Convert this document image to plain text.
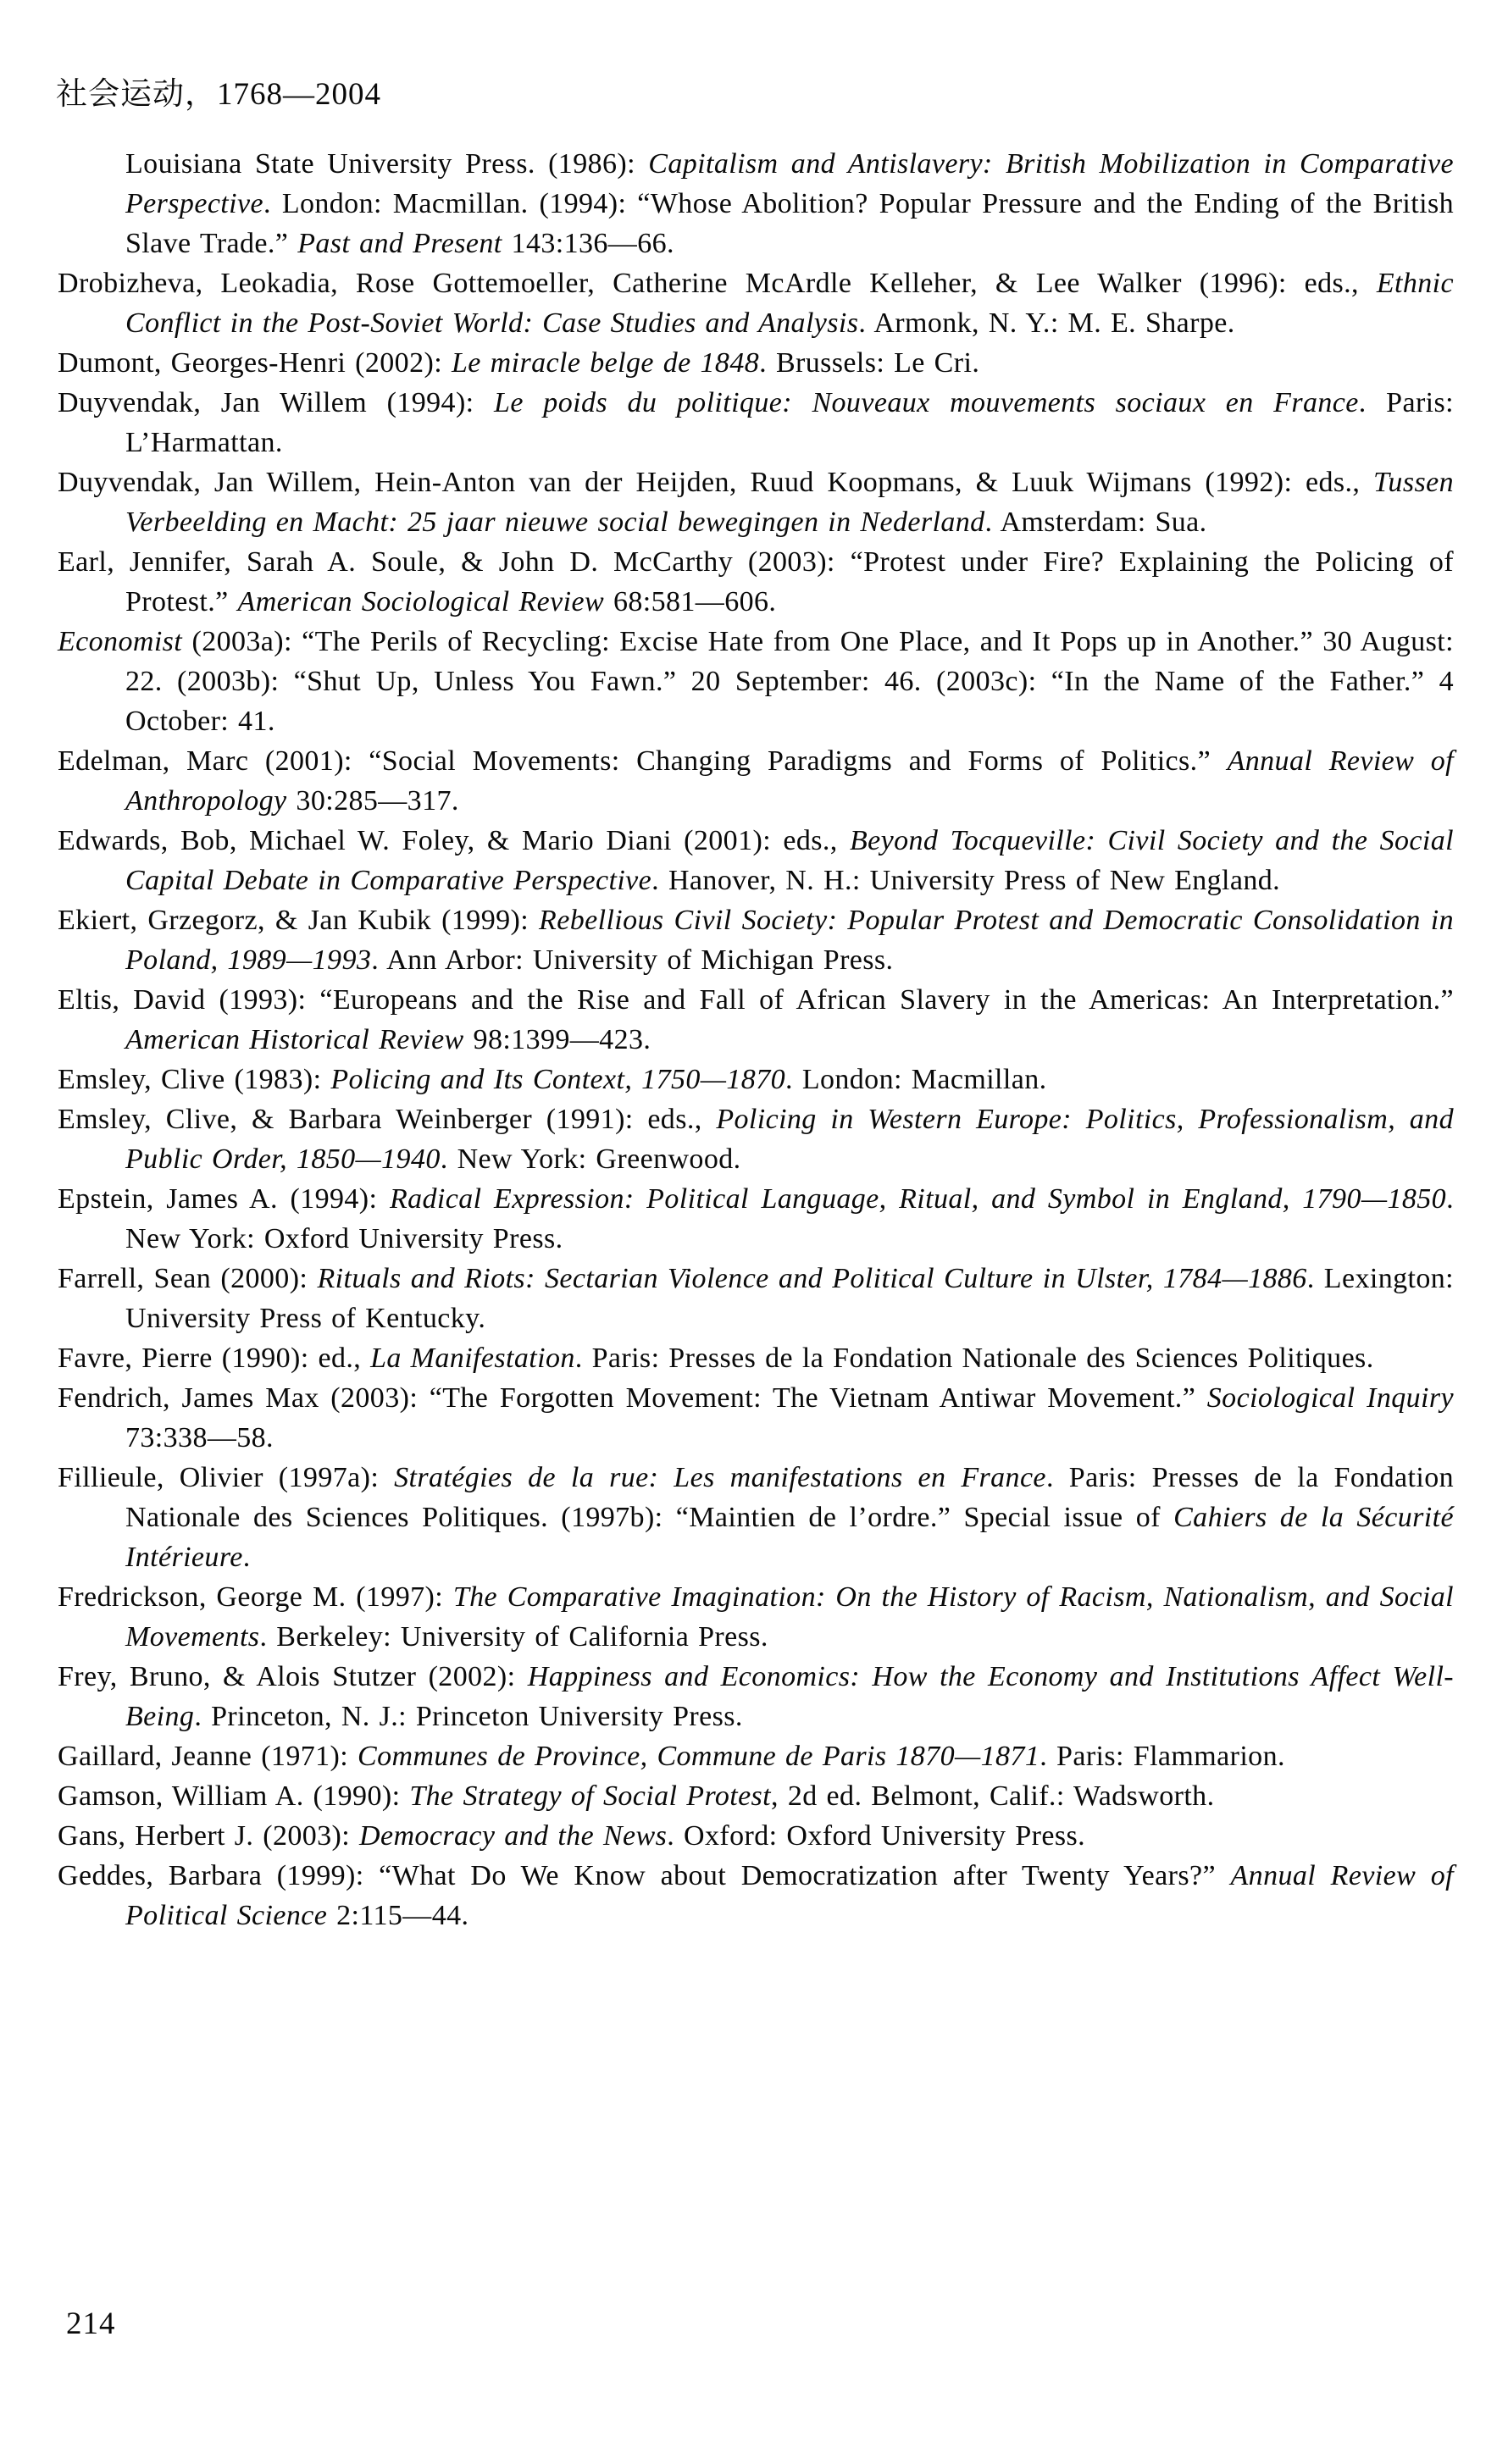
社会运动，1768—2004

Louisiana State University Press. (1986): Capitalism and Antislavery: British Mobilization in Comparative Perspective. London: Macmillan. (1994): “Whose Abolition? Popular Pressure and the Ending of the British Slave Trade.” Past and Present 143:136—66.

Drobizheva, Leokadia, Rose Gottemoeller, Catherine McArdle Kelleher, & Lee Walker (1996): eds., Ethnic Conflict in the Post-Soviet World: Case Studies and Analysis. Armonk, N. Y.: M. E. Sharpe.

Dumont, Georges-Henri (2002): Le miracle belge de 1848. Brussels: Le Cri.

Duyvendak, Jan Willem (1994): Le poids du politique: Nouveaux mouvements sociaux en France. Paris: L’Harmattan.

Duyvendak, Jan Willem, Hein-Anton van der Heijden, Ruud Koopmans, & Luuk Wijmans (1992): eds., Tussen Verbeelding en Macht: 25 jaar nieuwe social bewegingen in Nederland. Amsterdam: Sua.

Earl, Jennifer, Sarah A. Soule, & John D. McCarthy (2003): “Protest under Fire? Explaining the Policing of Protest.” American Sociological Review 68:581—606.

Economist (2003a): “The Perils of Recycling: Excise Hate from One Place, and It Pops up in Another.” 30 August: 22. (2003b): “Shut Up, Unless You Fawn.” 20 September: 46. (2003c): “In the Name of the Father.” 4 October: 41.

Edelman, Marc (2001): “Social Movements: Changing Paradigms and Forms of Politics.” Annual Review of Anthropology 30:285—317.

Edwards, Bob, Michael W. Foley, & Mario Diani (2001): eds., Beyond Tocqueville: Civil Society and the Social Capital Debate in Comparative Perspective. Hanover, N. H.: University Press of New England.

Ekiert, Grzegorz, & Jan Kubik (1999): Rebellious Civil Society: Popular Protest and Democratic Consolidation in Poland, 1989—1993. Ann Arbor: University of Michigan Press.

Eltis, David (1993): “Europeans and the Rise and Fall of African Slavery in the Americas: An Interpretation.” American Historical Review 98:1399—423.

Emsley, Clive (1983): Policing and Its Context, 1750—1870. London: Macmillan.

Emsley, Clive, & Barbara Weinberger (1991): eds., Policing in Western Europe: Politics, Professionalism, and Public Order, 1850—1940. New York: Greenwood.

Epstein, James A. (1994): Radical Expression: Political Language, Ritual, and Symbol in England, 1790—1850. New York: Oxford University Press.

Farrell, Sean (2000): Rituals and Riots: Sectarian Violence and Political Culture in Ulster, 1784—1886. Lexington: University Press of Kentucky.

Favre, Pierre (1990): ed., La Manifestation. Paris: Presses de la Fondation Nationale des Sciences Politiques.

Fendrich, James Max (2003): “The Forgotten Movement: The Vietnam Antiwar Movement.” Sociological Inquiry 73:338—58.

Fillieule, Olivier (1997a): Stratégies de la rue: Les manifestations en France. Paris: Presses de la Fondation Nationale des Sciences Politiques. (1997b): “Maintien de l’ordre.” Special issue of Cahiers de la Sécurité Intérieure.

Fredrickson, George M. (1997): The Comparative Imagination: On the History of Racism, Nationalism, and Social Movements. Berkeley: University of California Press.

Frey, Bruno, & Alois Stutzer (2002): Happiness and Economics: How the Economy and Institutions Affect Well-Being. Princeton, N. J.: Princeton University Press.

Gaillard, Jeanne (1971): Communes de Province, Commune de Paris 1870—1871. Paris: Flammarion.

Gamson, William A. (1990): The Strategy of Social Protest, 2d ed. Belmont, Calif.: Wadsworth.

Gans, Herbert J. (2003): Democracy and the News. Oxford: Oxford University Press.

Geddes, Barbara (1999): “What Do We Know about Democratization after Twenty Years?” Annual Review of Political Science 2:115—44.

214
